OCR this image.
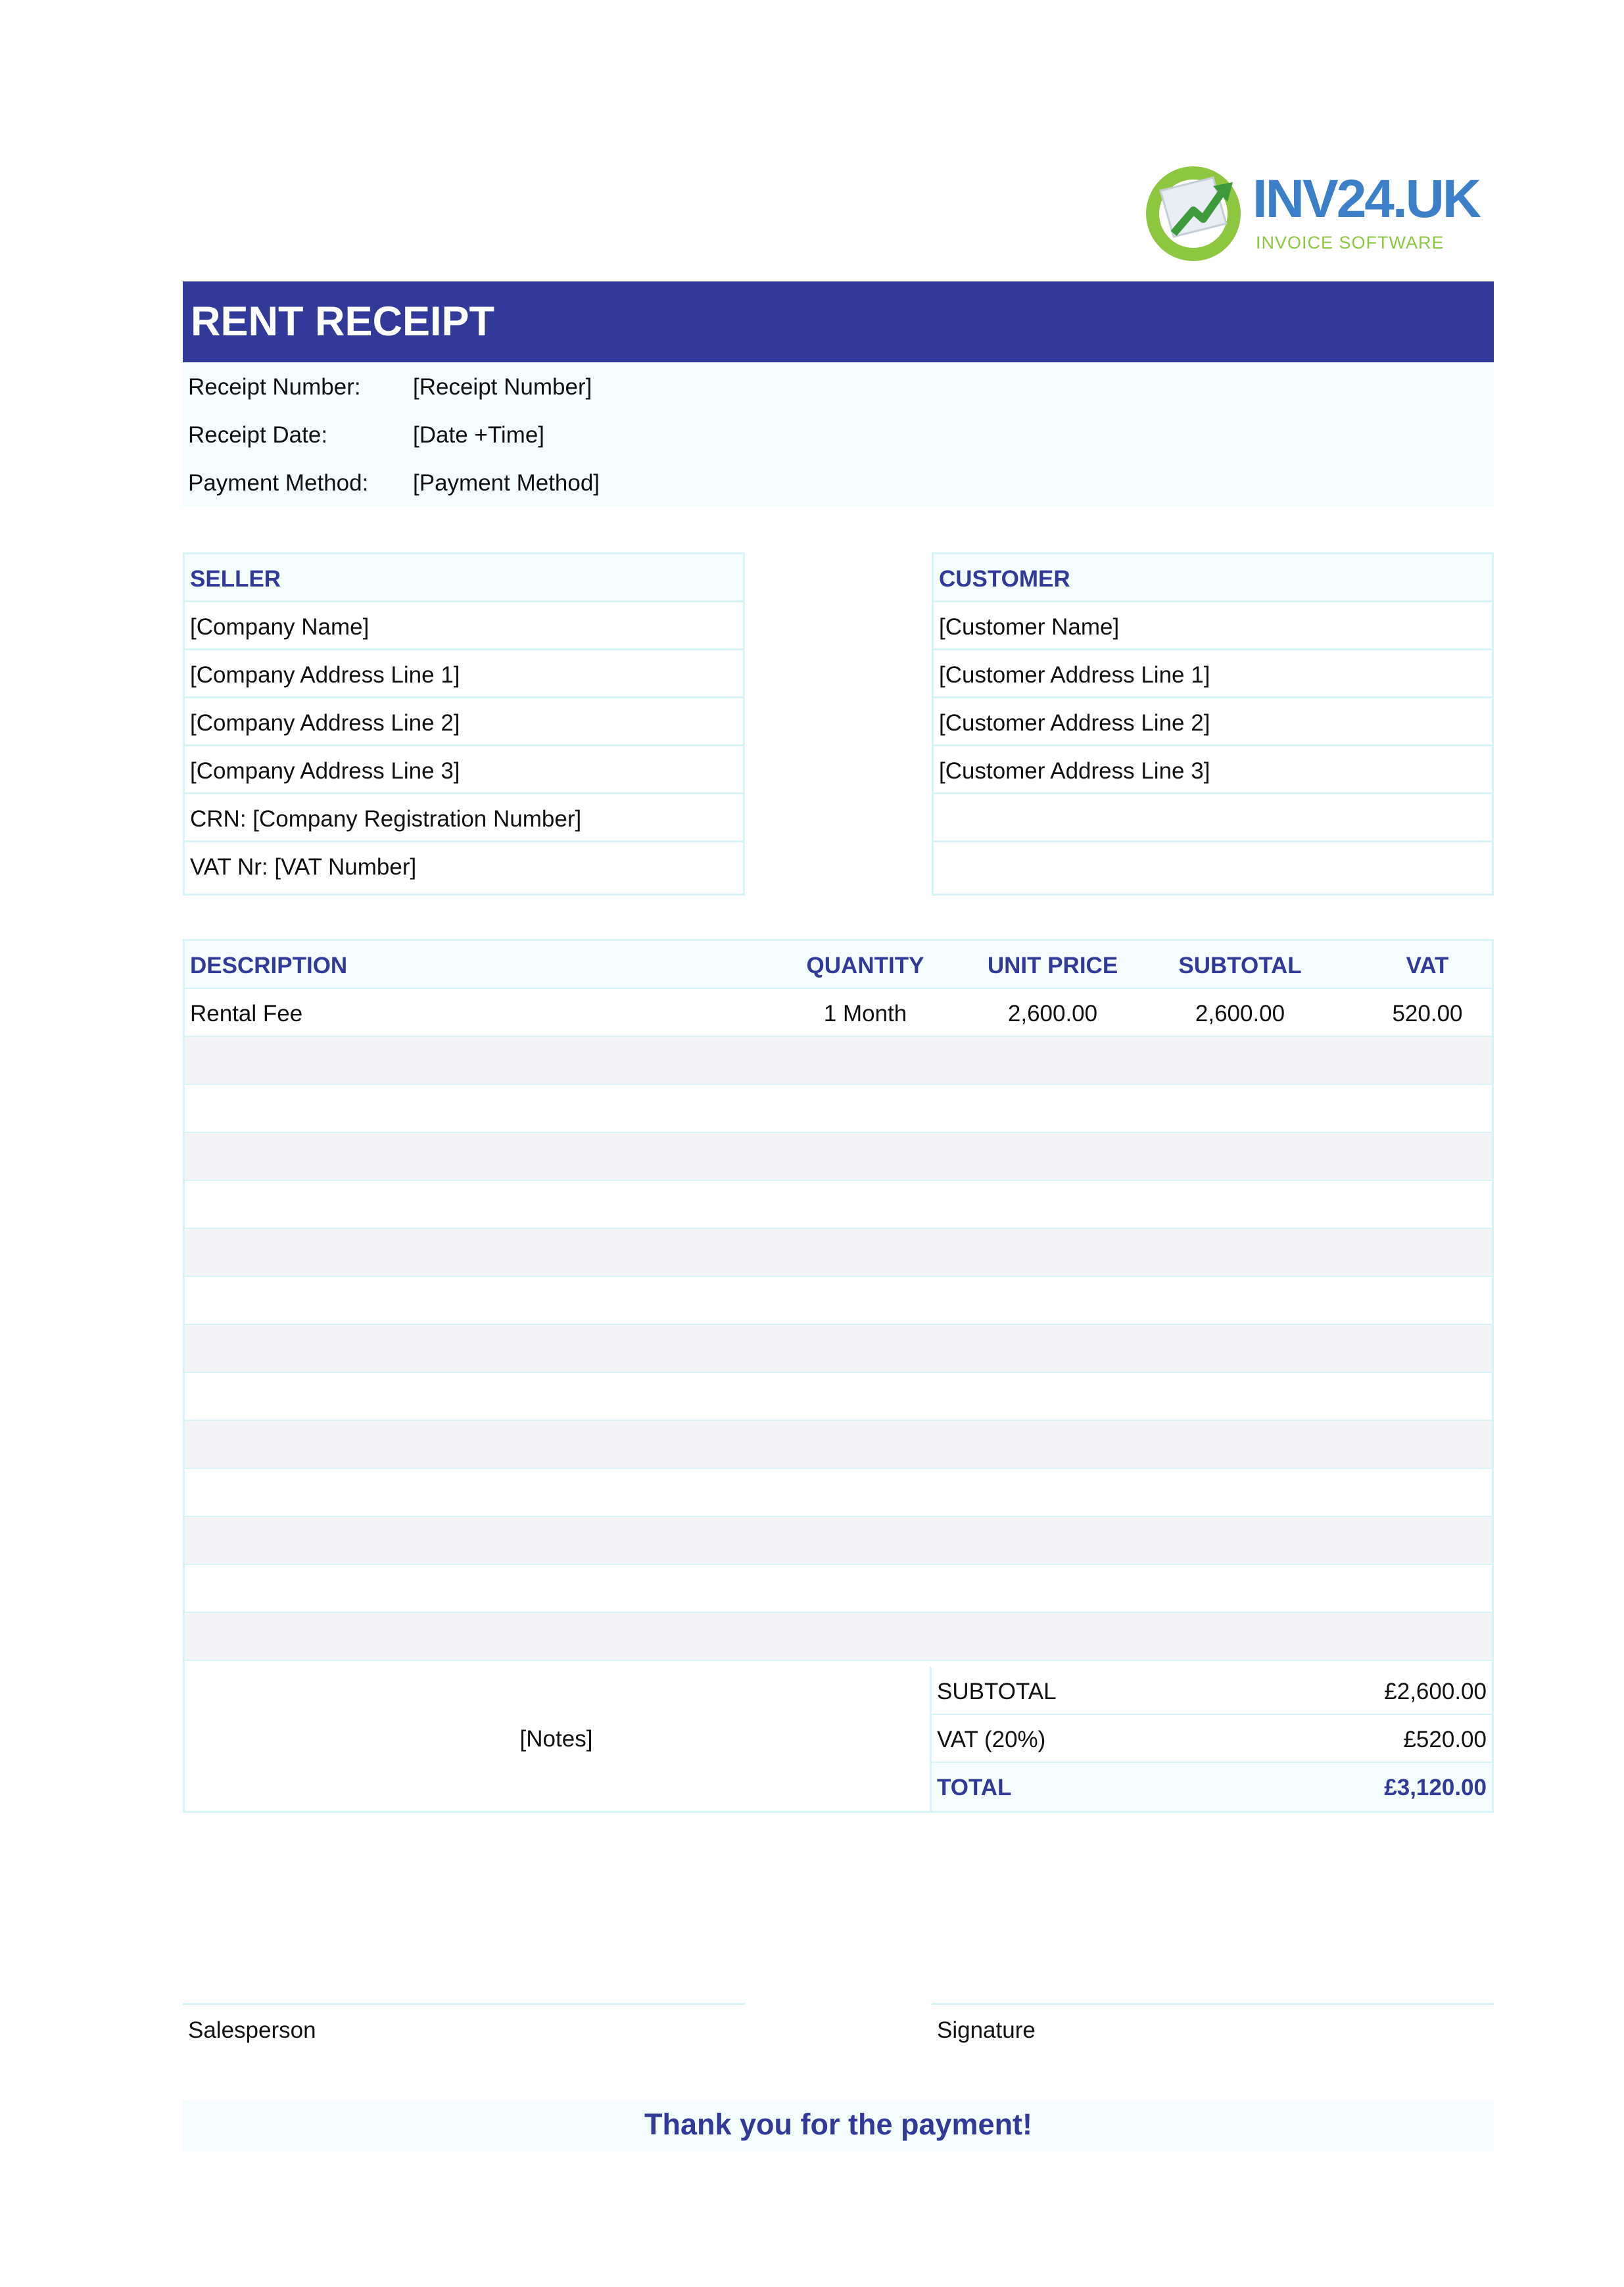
INV24.UK
INVOICE SOFTWARE
RENT RECEIPT
Receipt Number: [Receipt Number]
Receipt Date:	[Date +Time]
Payment Method: [Payment Method]
SELLER
[Company Name]
[Company Address Line 1]
[Company Address Line 2]
[Company Address Line 3]
CRN: [Company Registration Number]
VAT Nr: [VAT Number]
CUSTOMER
[Customer Name]
[Customer Address Line 1]
[Customer Address Line 2]
[Customer Address Line 3]
DESCRIPTION	QUANTITY	UNIT PRICE	SUBTOTAL	VAT
Rental Fee	1 Month	2,600.00	2,600.00	520.00
[Notes]
SUBTOTAL	£2,600.00
VAT (20%)	£520.00
TOTAL	£3,120.00
Salesperson	Signature
Thank you for the payment!
